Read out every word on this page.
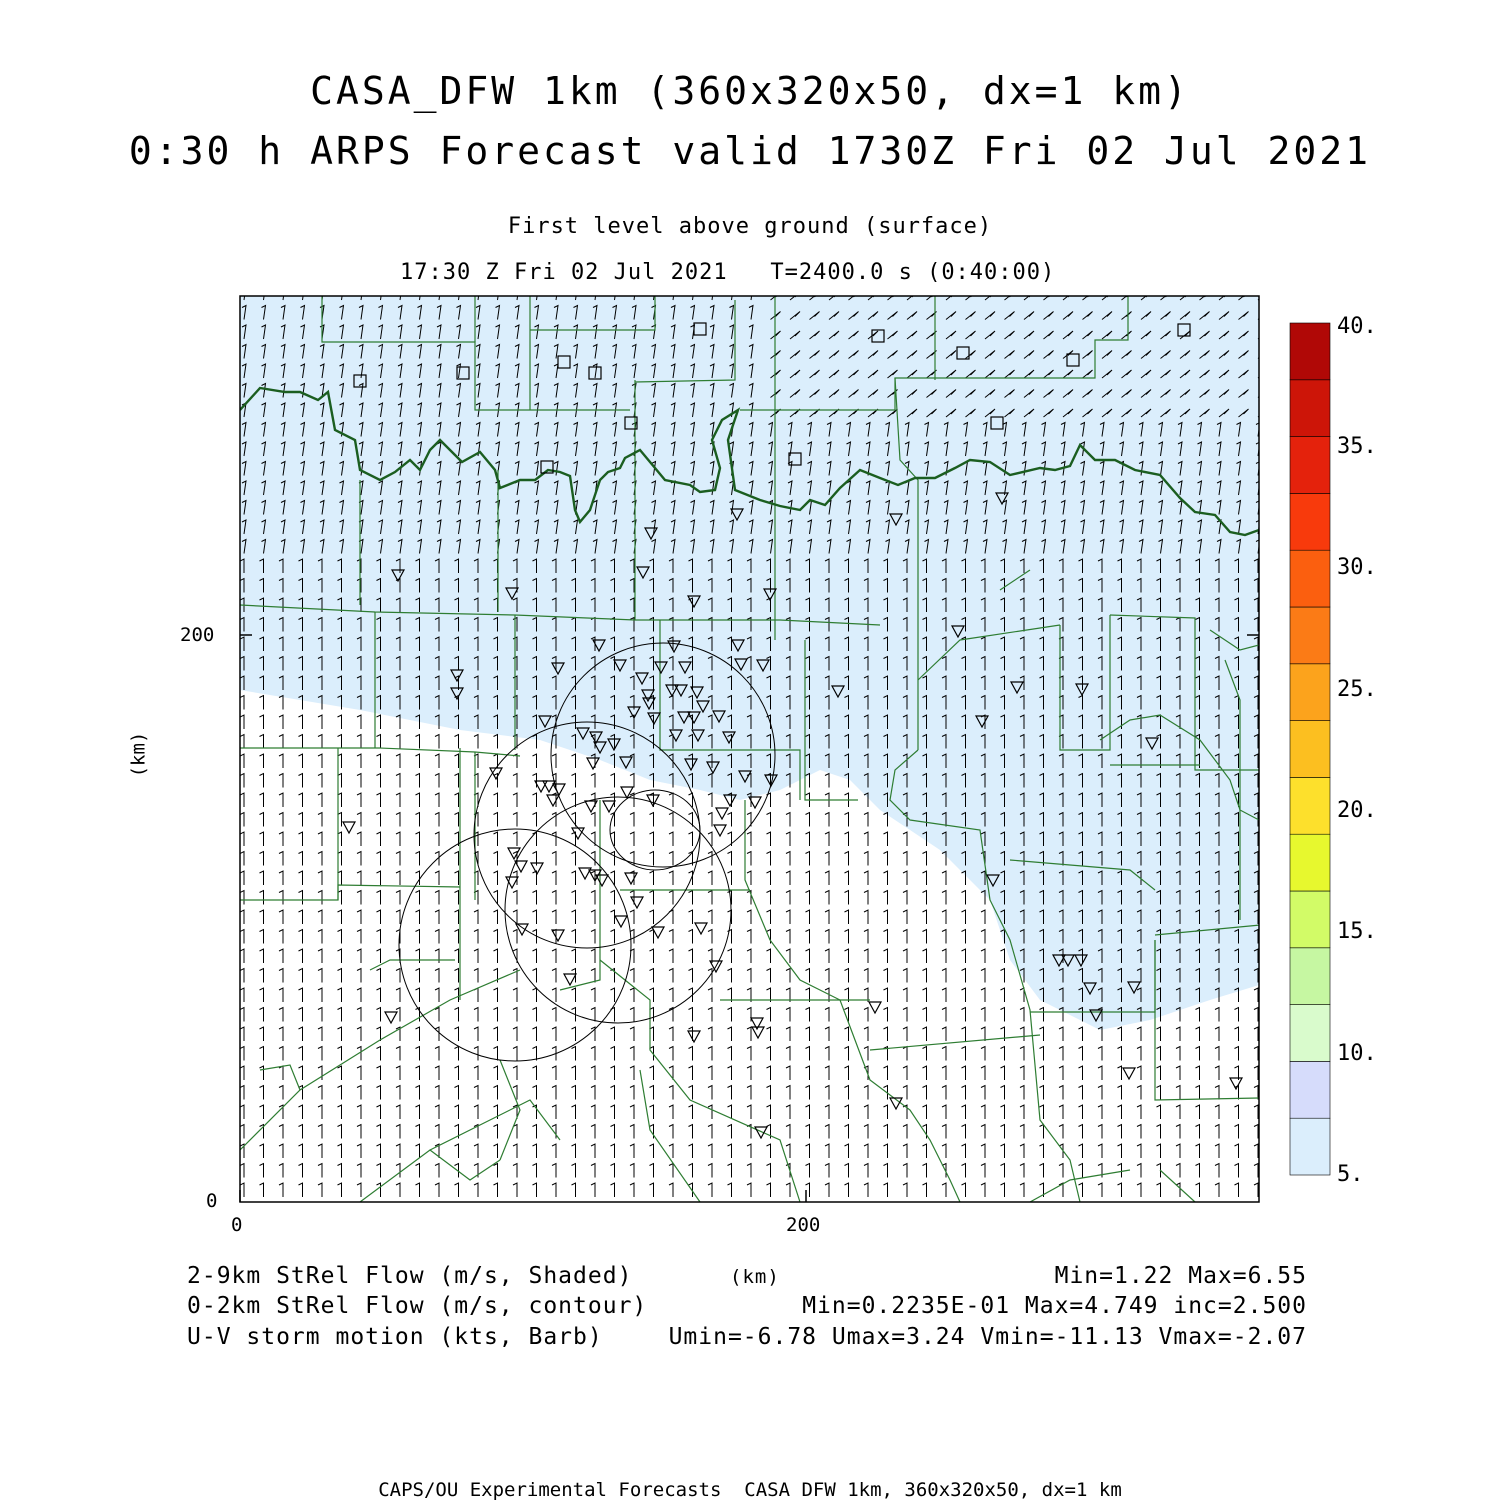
CASA_DFW 1km (360x320x50, dx=1 km)
0:30 h ARPS Forecast valid 1730Z Fri 02 Jul 2021
First level above ground (surface)
17:30 Z Fri 02 Jul 2021   T=2400.0 s (0:40:00)
0
200
0	200
(km)
40.
35.
30.
25.
20.
15.
10.
5.
2-9km StRel Flow (m/s, Shaded)	(km)	Min=1.22 Max=6.55
0-2km StRel Flow (m/s, contour)	Min=0.2235E-01 Max=4.749 inc=2.500
U-V storm motion (kts, Barb)	Umin=-6.78 Umax=3.24 Vmin=-11.13 Vmax=-2.07
CAPS/OU Experimental Forecasts  CASA DFW 1km, 360x320x50, dx=1 km
